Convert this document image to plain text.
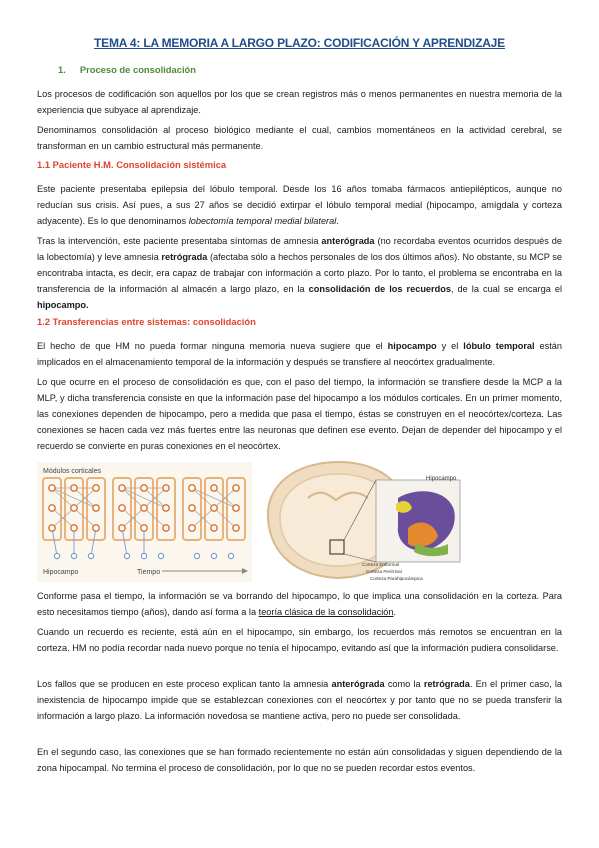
TEMA 4: LA MEMORIA A LARGO PLAZO: CODIFICACIÓN Y APRENDIZAJE
1. Proceso de consolidación
Los procesos de codificación son aquellos por los que se crean registros más o menos permanentes en nuestra memoria de la experiencia que subyace al aprendizaje.
Denominamos consolidación al proceso biológico mediante el cual, cambios momentáneos en la actividad cerebral, se transforman en un cambio estructural más permanente.
1.1 Paciente H.M. Consolidación sistémica
Este paciente presentaba epilepsia del lóbulo temporal. Desde los 16 años tomaba fármacos antiepilépticos, aunque no reducían sus crisis. Así pues, a sus 27 años se decidió extirpar el lóbulo temporal medial (hipocampo, amígdala y corteza adyacente). Es lo que denominamos lobectomía temporal medial bilateral.
Tras la intervención, este paciente presentaba síntomas de amnesia anterógrada (no recordaba eventos ocurridos después de la lobectomía) y leve amnesia retrógrada (afectaba sólo a hechos personales de los dos últimos años). No obstante, su MCP se encontraba intacta, es decir, era capaz de trabajar con información a corto plazo. Por lo tanto, el problema se encontraba en la transferencia de la información al almacén a largo plazo, en la consolidación de los recuerdos, de la cual se encarga el hipocampo.
1.2 Transferencias entre sistemas: consolidación
El hecho de que HM no pueda formar ninguna memoria nueva sugiere que el hipocampo y el lóbulo temporal están implicados en el almacenamiento temporal de la información y después se transfiere al neocórtex gradualmente.
Lo que ocurre en el proceso de consolidación es que, con el paso del tiempo, la información se transfiere desde la MCP a la MLP, y dicha transferencia consiste en que la información pase del hipocampo a los módulos corticales. En un primer momento, las conexiones dependen de hipocampo, pero a medida que pasa el tiempo, éstas se construyen en el neocórtex/corteza. Las conexiones se hacen cada vez más fuertes entre las neuronas que definen ese evento. Dejan de depender del hipocampo y el recuerdo se convierte en puras conexiones en el neocórtex.
Módulos corticales
Hipocampo	Tiempo
Hipocampo
Corteza Entorrinal
Corteza Perirrinal
Corteza Parahipocámpica
Conforme pasa el tiempo, la información se va borrando del hipocampo, lo que implica una consolidación en la corteza. Para esto necesitamos tiempo (años), dando así forma a la teoría clásica de la consolidación.
Cuando un recuerdo es reciente, está aún en el hipocampo, sin embargo, los recuerdos más remotos se encuentran en la corteza. HM no podía recordar nada nuevo porque no tenía el hipocampo, evitando así que la información pudiera consolidarse.
Los fallos que se producen en este proceso explican tanto la amnesia anterógrada como la retrógrada. En el primer caso, la inexistencia de hipocampo impide que se establezcan conexiones con el neocórtex y por tanto que no se pueda transferir la información a largo plazo. La información novedosa se mantiene activa, pero no puede ser consolidada.
En el segundo caso, las conexiones que se han formado recientemente no están aún consolidadas y siguen dependiendo de la zona hipocampal. No termina el proceso de consolidación, por lo que no se pueden recordar estos eventos.
